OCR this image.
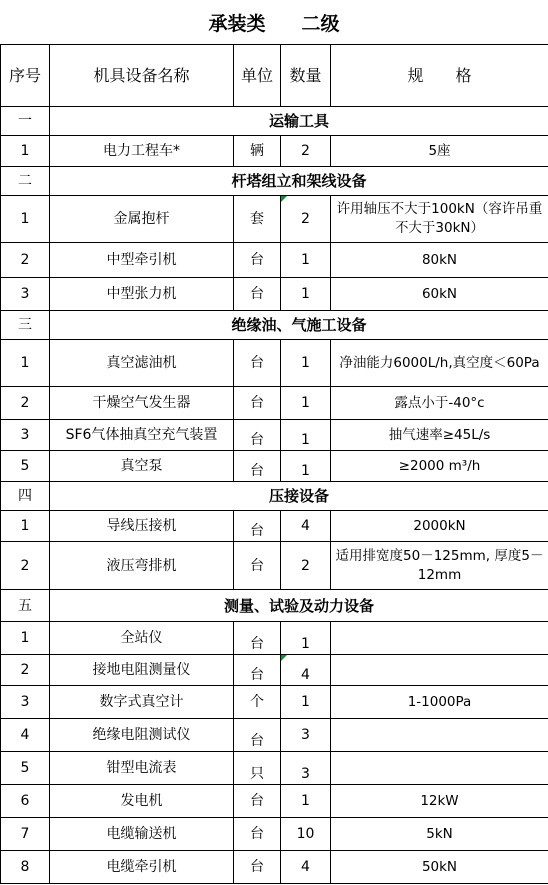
承装类 二级
序号	机具设备名称	单位	数量	规　　格
一	运输工具			
1	电力工程车*	辆	2	5座
二	杆塔组立和架线设备			
1	金属抱杆	套	2	许用轴压不大于100kN（容许吊重不大于30kN）
2	中型牵引机	台	1	80kN
3	中型张力机	台	1	60kN
三	绝缘油、气施工设备			
1	真空滤油机	台	1	净油能力6000L/h,真空度＜60Pa
2	干燥空气发生器	台	1	露点小于-40°c
3	SF6气体抽真空充气装置	台	1	抽气速率≥45L/s
5	真空泵	台	1	≥2000 m³/h
四	压接设备			
1	导线压接机	台	4	2000kN
2	液压弯排机	台	2	适用排宽度50－125mm, 厚度5－12mm
五	测量、试验及动力设备			
1	全站仪	台	1	
2	接地电阻测量仪	台	4	
3	数字式真空计	个	1	1-1000Pa
4	绝缘电阻测试仪	台	3	
5	钳型电流表	只	3	
6	发电机	台	1	12kW
7	电缆输送机	台	10	5kN
8	电缆牵引机	台	4	50kN
